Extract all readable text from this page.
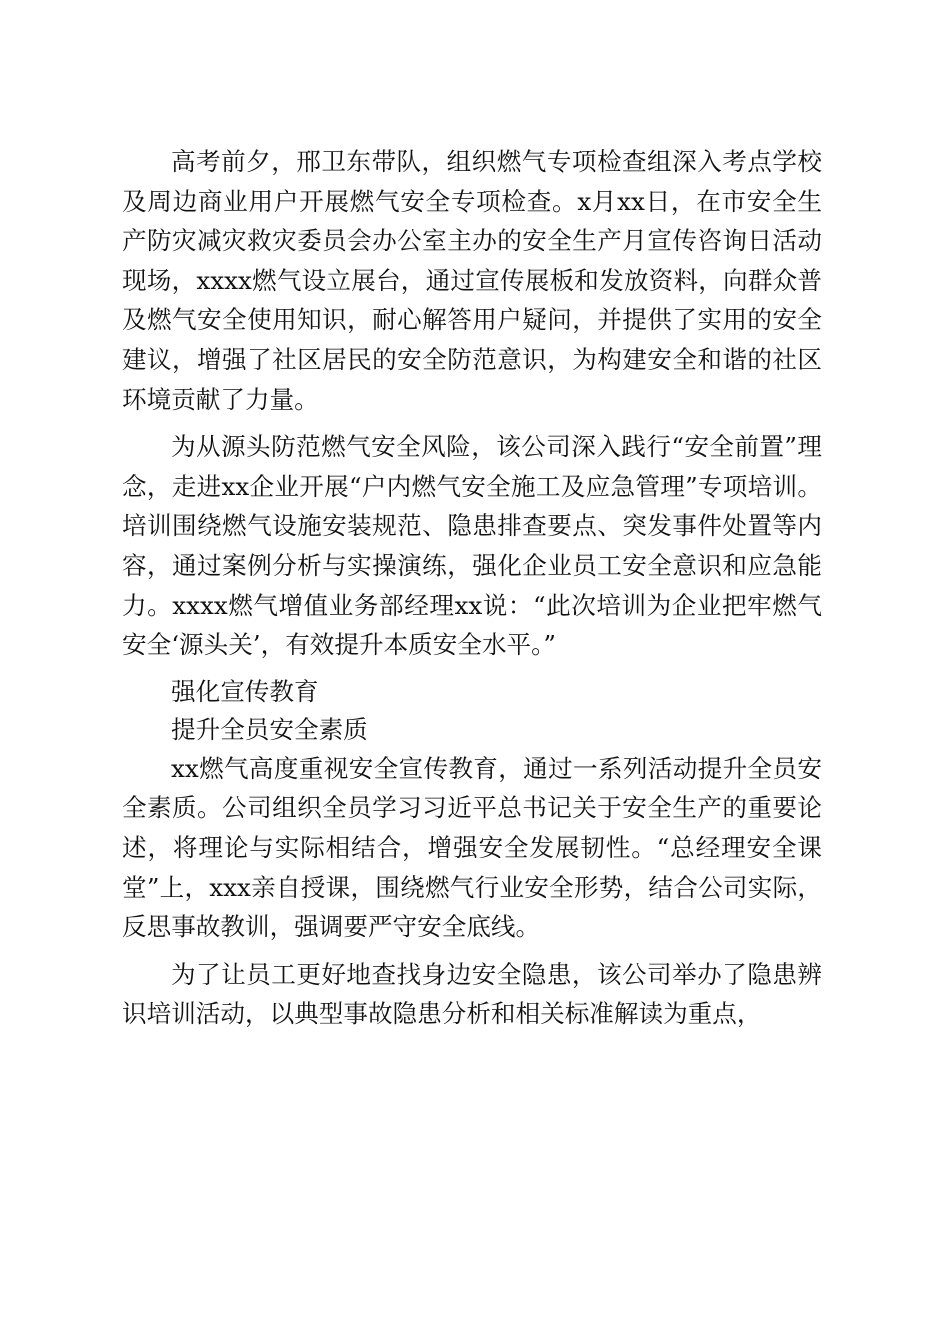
高考前夕，邢卫东带队，组织燃气专项检查组深入考点学校及周边商业用户开展燃气安全专项检查。x月xx日，在市安全生产防灾减灾救灾委员会办公室主办的安全生产月宣传咨询日活动现场，xxxx燃气设立展台，通过宣传展板和发放资料，向群众普及燃气安全使用知识，耐心解答用户疑问，并提供了实用的安全建议，增强了社区居民的安全防范意识，为构建安全和谐的社区环境贡献了力量。

为从源头防范燃气安全风险，该公司深入践行“安全前置”理念，走进xx企业开展“户内燃气安全施工及应急管理”专项培训。培训围绕燃气设施安装规范、隐患排查要点、突发事件处置等内容，通过案例分析与实操演练，强化企业员工安全意识和应急能力。xxxx燃气增值业务部经理xx说：“此次培训为企业把牢燃气安全‘源头关’，有效提升本质安全水平。”

强化宣传教育

提升全员安全素质

xx燃气高度重视安全宣传教育，通过一系列活动提升全员安全素质。公司组织全员学习习近平总书记关于安全生产的重要论述，将理论与实际相结合，增强安全发展韧性。“总经理安全课堂”上，xxx亲自授课，围绕燃气行业安全形势，结合公司实际，反思事故教训，强调要严守安全底线。

为了让员工更好地查找身边安全隐患，该公司举办了隐患辨识培训活动，以典型事故隐患分析和相关标准解读为重点，
